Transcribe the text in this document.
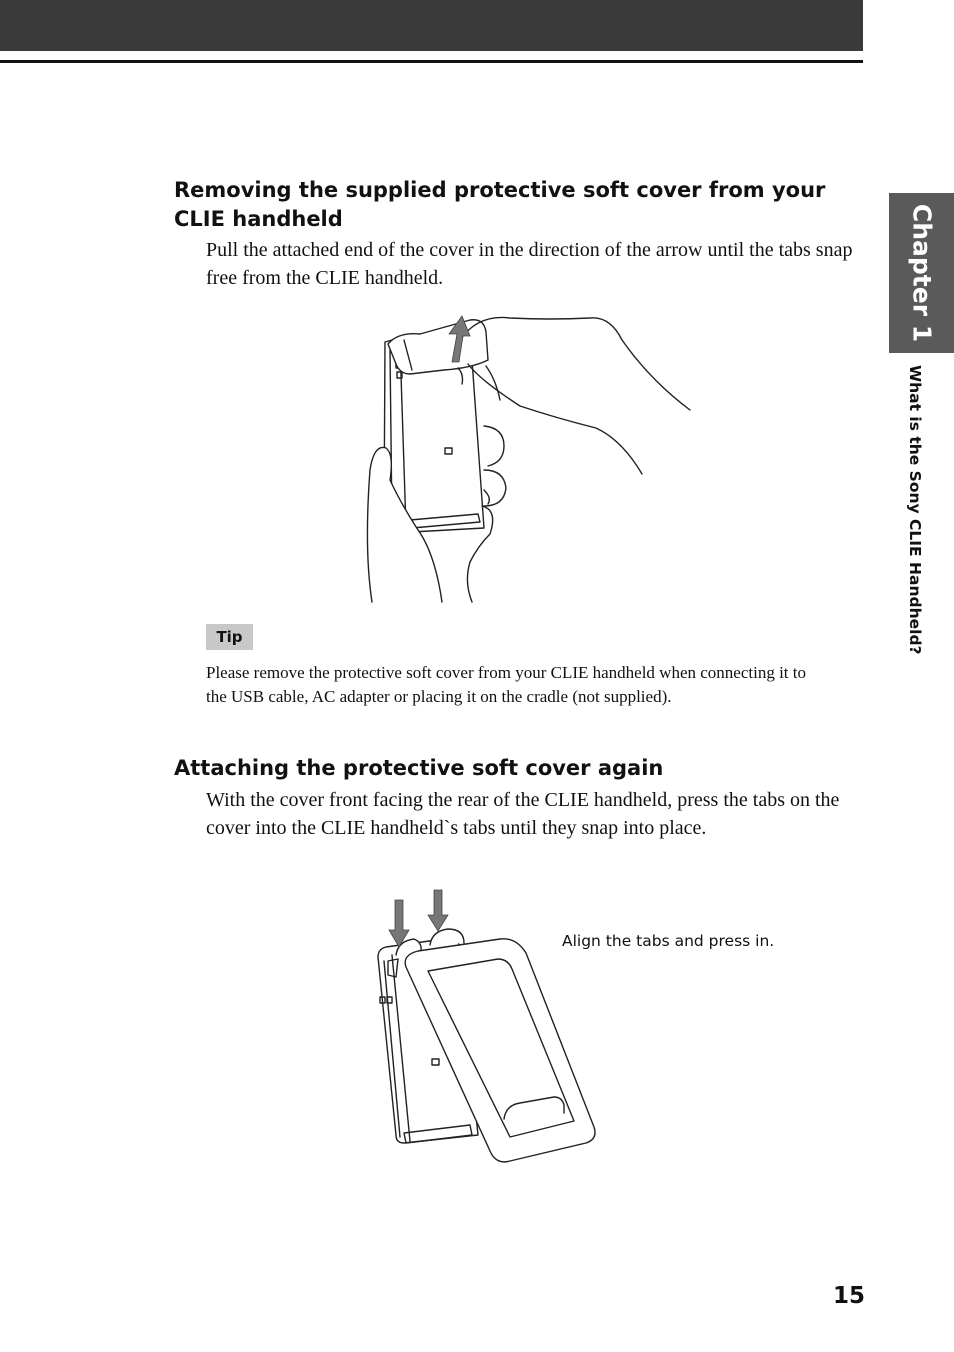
Chapter 1
What is the Sony CLIE Handheld?
Removing the supplied protective soft cover from your CLIE handheld

Pull the attached end of the cover in the direction of the arrow until the tabs snap free from the CLIE handheld.

Tip

Please remove the protective soft cover from your CLIE handheld when connecting it to the USB cable, AC adapter or placing it on the cradle (not supplied).

Attaching the protective soft cover again

With the cover front facing the rear of the CLIE handheld, press the tabs on the cover into the CLIE handheld`s tabs until they snap into place.

Align the tabs and press in.
15
